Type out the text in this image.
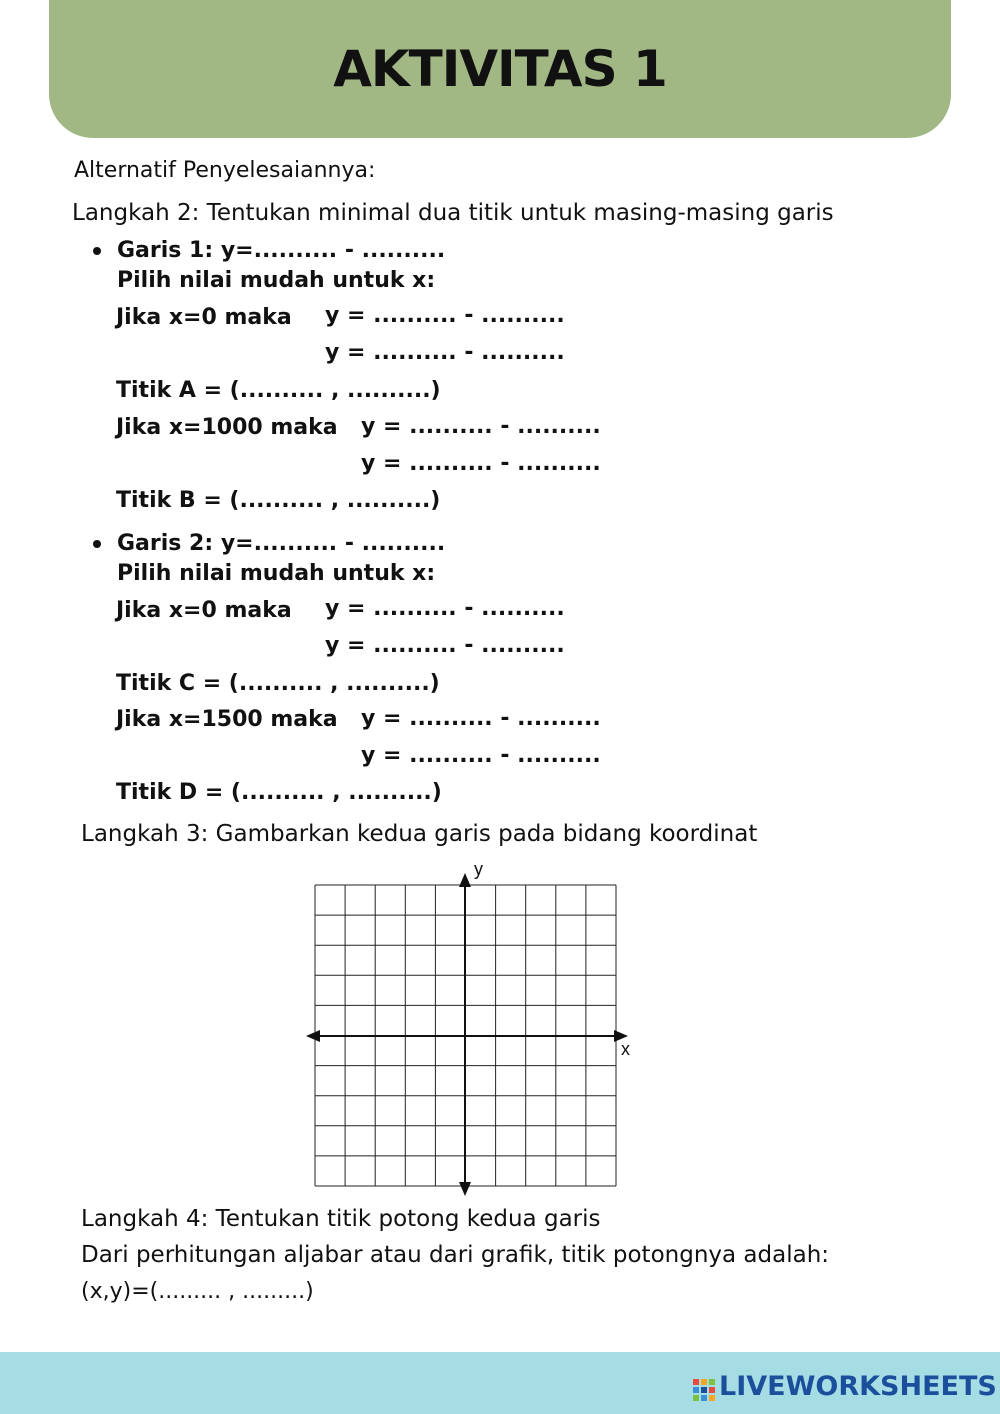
AKTIVITAS 1
Alternatif Penyelesaiannya:
Langkah 2: Tentukan minimal dua titik untuk masing-masing garis
Garis 1: y=.......... - ..........
Pilih nilai mudah untuk x:
Jika x=0 maka y = .......... - ..........
y = .......... - ..........
Titik A = (.......... , ..........)
Jika x=1000 maka y = .......... - ..........
y = .......... - ..........
Titik B = (.......... , ..........)
Garis 2: y=.......... - ..........
Pilih nilai mudah untuk x:
Jika x=0 maka y = .......... - ..........
y = .......... - ..........
Titik C = (.......... , ..........)
Jika x=1500 maka y = .......... - ..........
y = .......... - ..........
Titik D = (.......... , ..........)
Langkah 3: Gambarkan kedua garis pada bidang koordinat
y
x
Langkah 4: Tentukan titik potong kedua garis
Dari perhitungan aljabar atau dari grafik, titik potongnya adalah:
(x,y)=(......... , .........)
LIVEWORKSHEETS
